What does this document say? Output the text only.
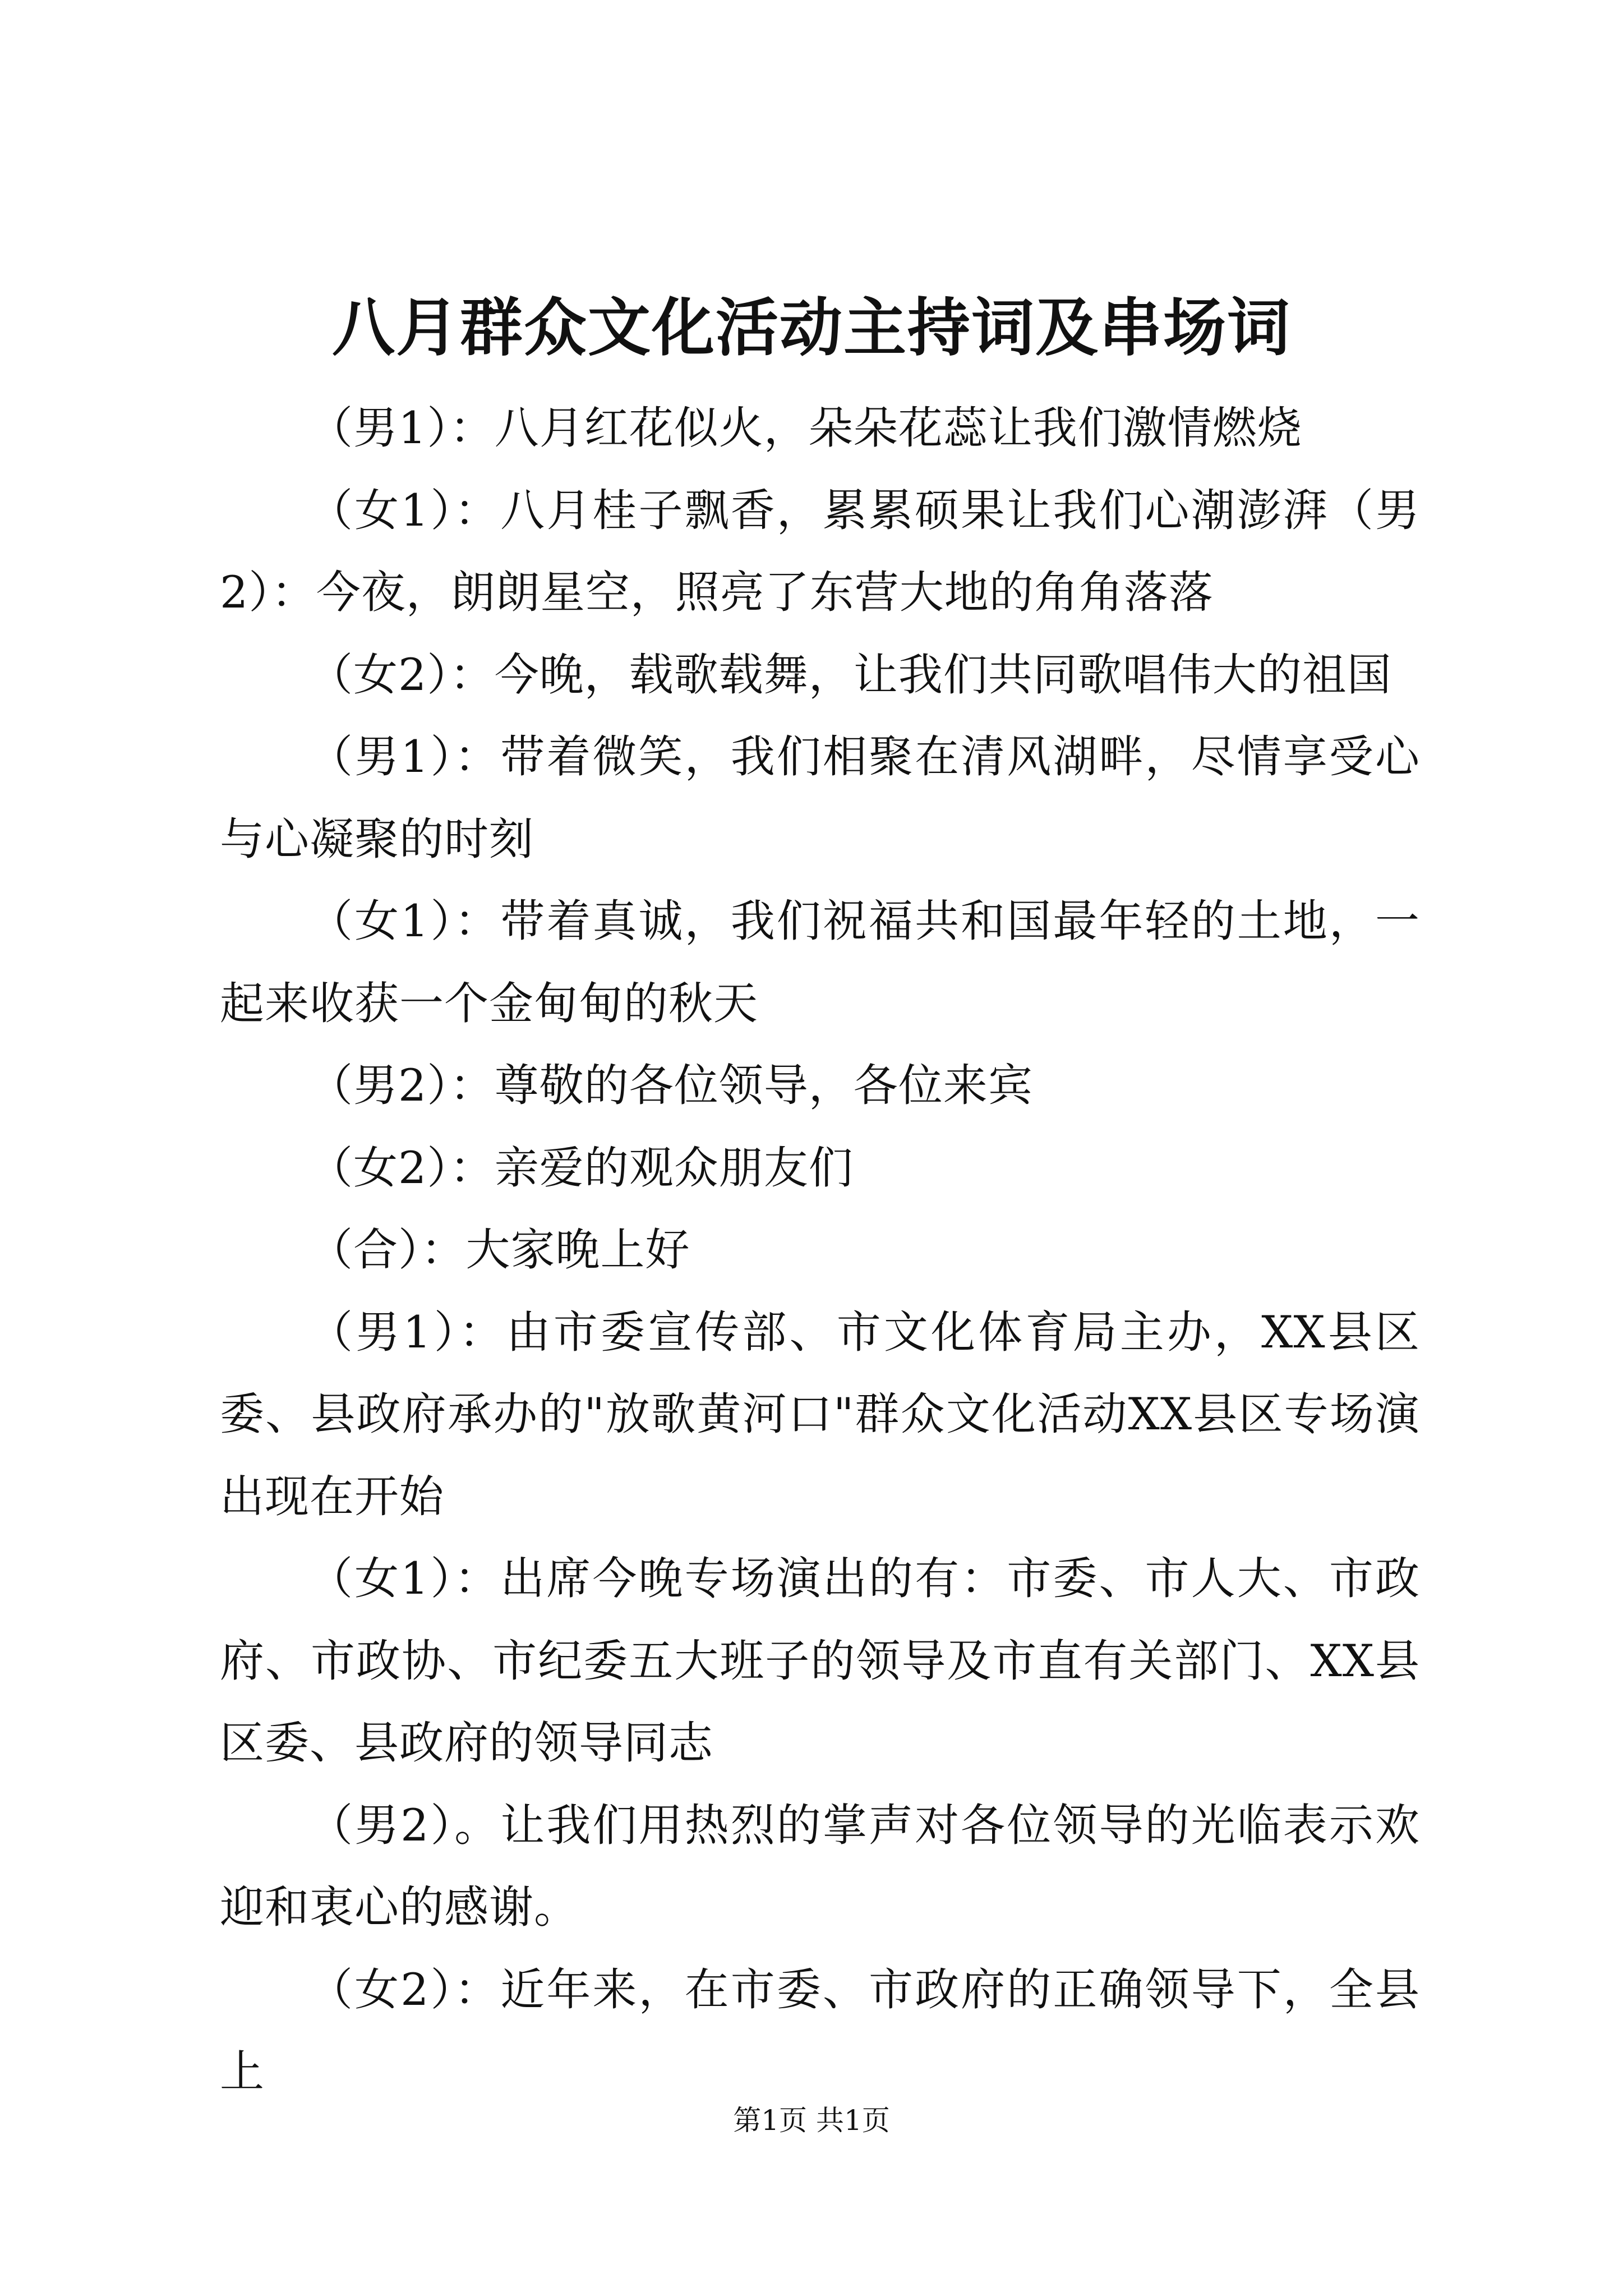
八月群众文化活动主持词及串场词

（男1）：八月红花似火，朵朵花蕊让我们激情燃烧

（女1）：八月桂子飘香，累累硕果让我们心潮澎湃（男2）：今夜，朗朗星空，照亮了东营大地的角角落落

（女2）：今晚，载歌载舞，让我们共同歌唱伟大的祖国

（男1）：带着微笑，我们相聚在清风湖畔，尽情享受心与心凝聚的时刻

（女1）：带着真诚，我们祝福共和国最年轻的土地，一起来收获一个金甸甸的秋天

（男2）：尊敬的各位领导，各位来宾

（女2）：亲爱的观众朋友们

（合）：大家晚上好

（男1）：由市委宣传部、市文化体育局主办，XX县区委、县政府承办的"放歌黄河口"群众文化活动XX县区专场演出现在开始

（女1）：出席今晚专场演出的有：市委、市人大、市政府、市政协、市纪委五大班子的领导及市直有关部门、XX县区委、县政府的领导同志

（男2）。让我们用热烈的掌声对各位领导的光临表示欢迎和衷心的感谢。

（女2）：近年来，在市委、市政府的正确领导下，全县上

第1页 共1页
